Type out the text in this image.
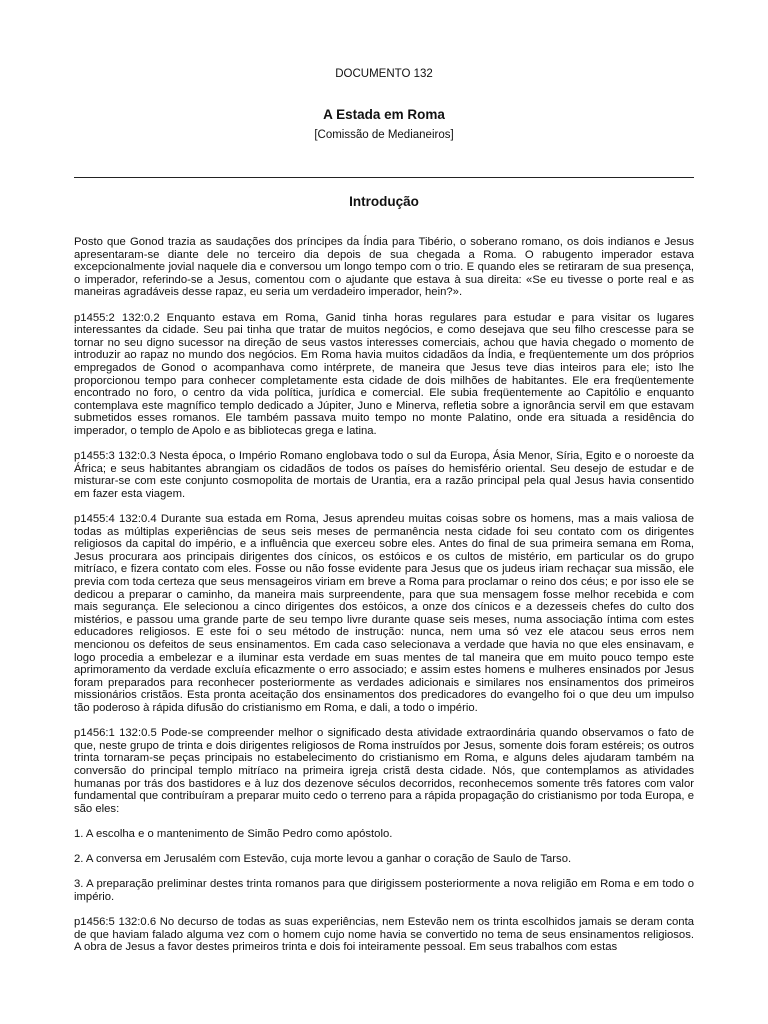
DOCUMENTO 132
A Estada em Roma
[Comissão de Medianeiros]
Introdução

Posto que Gonod trazia as saudações dos príncipes da Índia para Tibério, o soberano romano, os dois indianos e Jesus apresentaram-se diante dele no terceiro dia depois de sua chegada a Roma. O rabugento imperador estava excepcionalmente jovial naquele dia e conversou um longo tempo com o trio. E quando eles se retiraram de sua presença, o imperador, referindo-se a Jesus, comentou com o ajudante que estava à sua direita: «Se eu tivesse o porte real e as maneiras agradáveis desse rapaz, eu seria um verdadeiro imperador, hein?».

p1455:2 132:0.2 Enquanto estava em Roma, Ganid tinha horas regulares para estudar e para visitar os lugares interessantes da cidade. Seu pai tinha que tratar de muitos negócios, e como desejava que seu filho crescesse para se tornar no seu digno sucessor na direção de seus vastos interesses comerciais, achou que havia chegado o momento de introduzir ao rapaz no mundo dos negócios. Em Roma havia muitos cidadãos da Índia, e freqüentemente um dos próprios empregados de Gonod o acompanhava como intérprete, de maneira que Jesus teve dias inteiros para ele; isto lhe proporcionou tempo para conhecer completamente esta cidade de dois milhões de habitantes. Ele era freqüentemente encontrado no foro, o centro da vida política, jurídica e comercial. Ele subia freqüentemente ao Capitólio e enquanto contemplava este magnífico templo dedicado a Júpiter, Juno e Minerva, refletia sobre a ignorância servil em que estavam submetidos esses romanos. Ele também passava muito tempo no monte Palatino, onde era situada a residência do imperador, o templo de Apolo e as bibliotecas grega e latina.

p1455:3 132:0.3 Nesta época, o Império Romano englobava todo o sul da Europa, Ásia Menor, Síria, Egito e o noroeste da África; e seus habitantes abrangiam os cidadãos de todos os países do hemisfério oriental. Seu desejo de estudar e de misturar-se com este conjunto cosmopolita de mortais de Urantia, era a razão principal pela qual Jesus havia consentido em fazer esta viagem.

p1455:4 132:0.4 Durante sua estada em Roma, Jesus aprendeu muitas coisas sobre os homens, mas a mais valiosa de todas as múltiplas experiências de seus seis meses de permanência nesta cidade foi seu contato com os dirigentes religiosos da capital do império, e a influência que exerceu sobre eles. Antes do final de sua primeira semana em Roma, Jesus procurara aos principais dirigentes dos cínicos, os estóicos e os cultos de mistério, em particular os do grupo mitríaco, e fizera contato com eles. Fosse ou não fosse evidente para Jesus que os judeus iriam rechaçar sua missão, ele previa com toda certeza que seus mensageiros viriam em breve a Roma para proclamar o reino dos céus; e por isso ele se dedicou a preparar o caminho, da maneira mais surpreendente, para que sua mensagem fosse melhor recebida e com mais segurança. Ele selecionou a cinco dirigentes dos estóicos, a onze dos cínicos e a dezesseis chefes do culto dos mistérios, e passou uma grande parte de seu tempo livre durante quase seis meses, numa associação íntima com estes educadores religiosos. E este foi o seu método de instrução: nunca, nem uma só vez ele atacou seus erros nem mencionou os defeitos de seus ensinamentos. Em cada caso selecionava a verdade que havia no que eles ensinavam, e logo procedia a embelezar e a iluminar esta verdade em suas mentes de tal maneira que em muito pouco tempo este aprimoramento da verdade excluía eficazmente o erro associado; e assim estes homens e mulheres ensinados por Jesus foram preparados para reconhecer posteriormente as verdades adicionais e similares nos ensinamentos dos primeiros missionários cristãos. Esta pronta aceitação dos ensinamentos dos predicadores do evangelho foi o que deu um impulso tão poderoso à rápida difusão do cristianismo em Roma, e dali, a todo o império.

p1456:1 132:0.5 Pode-se compreender melhor o significado desta atividade extraordinária quando observamos o fato de que, neste grupo de trinta e dois dirigentes religiosos de Roma instruídos por Jesus, somente dois foram estéreis; os outros trinta tornaram-se peças principais no estabelecimento do cristianismo em Roma, e alguns deles ajudaram também na conversão do principal templo mitríaco na primeira igreja cristã desta cidade. Nós, que contemplamos as atividades humanas por trás dos bastidores e à luz dos dezenove séculos decorridos, reconhecemos somente três fatores com valor fundamental que contribuíram a preparar muito cedo o terreno para a rápida propagação do cristianismo por toda Europa, e são eles:

1. A escolha e o mantenimento de Simão Pedro como apóstolo.

2. A conversa em Jerusalém com Estevão, cuja morte levou a ganhar o coração de Saulo de Tarso.

3. A preparação preliminar destes trinta romanos para que dirigissem posteriormente a nova religião em Roma e em todo o império.

p1456:5 132:0.6 No decurso de todas as suas experiências, nem Estevão nem os trinta escolhidos jamais se deram conta de que haviam falado alguma vez com o homem cujo nome havia se convertido no tema de seus ensinamentos religiosos. A obra de Jesus a favor destes primeiros trinta e dois foi inteiramente pessoal. Em seus trabalhos com estas
